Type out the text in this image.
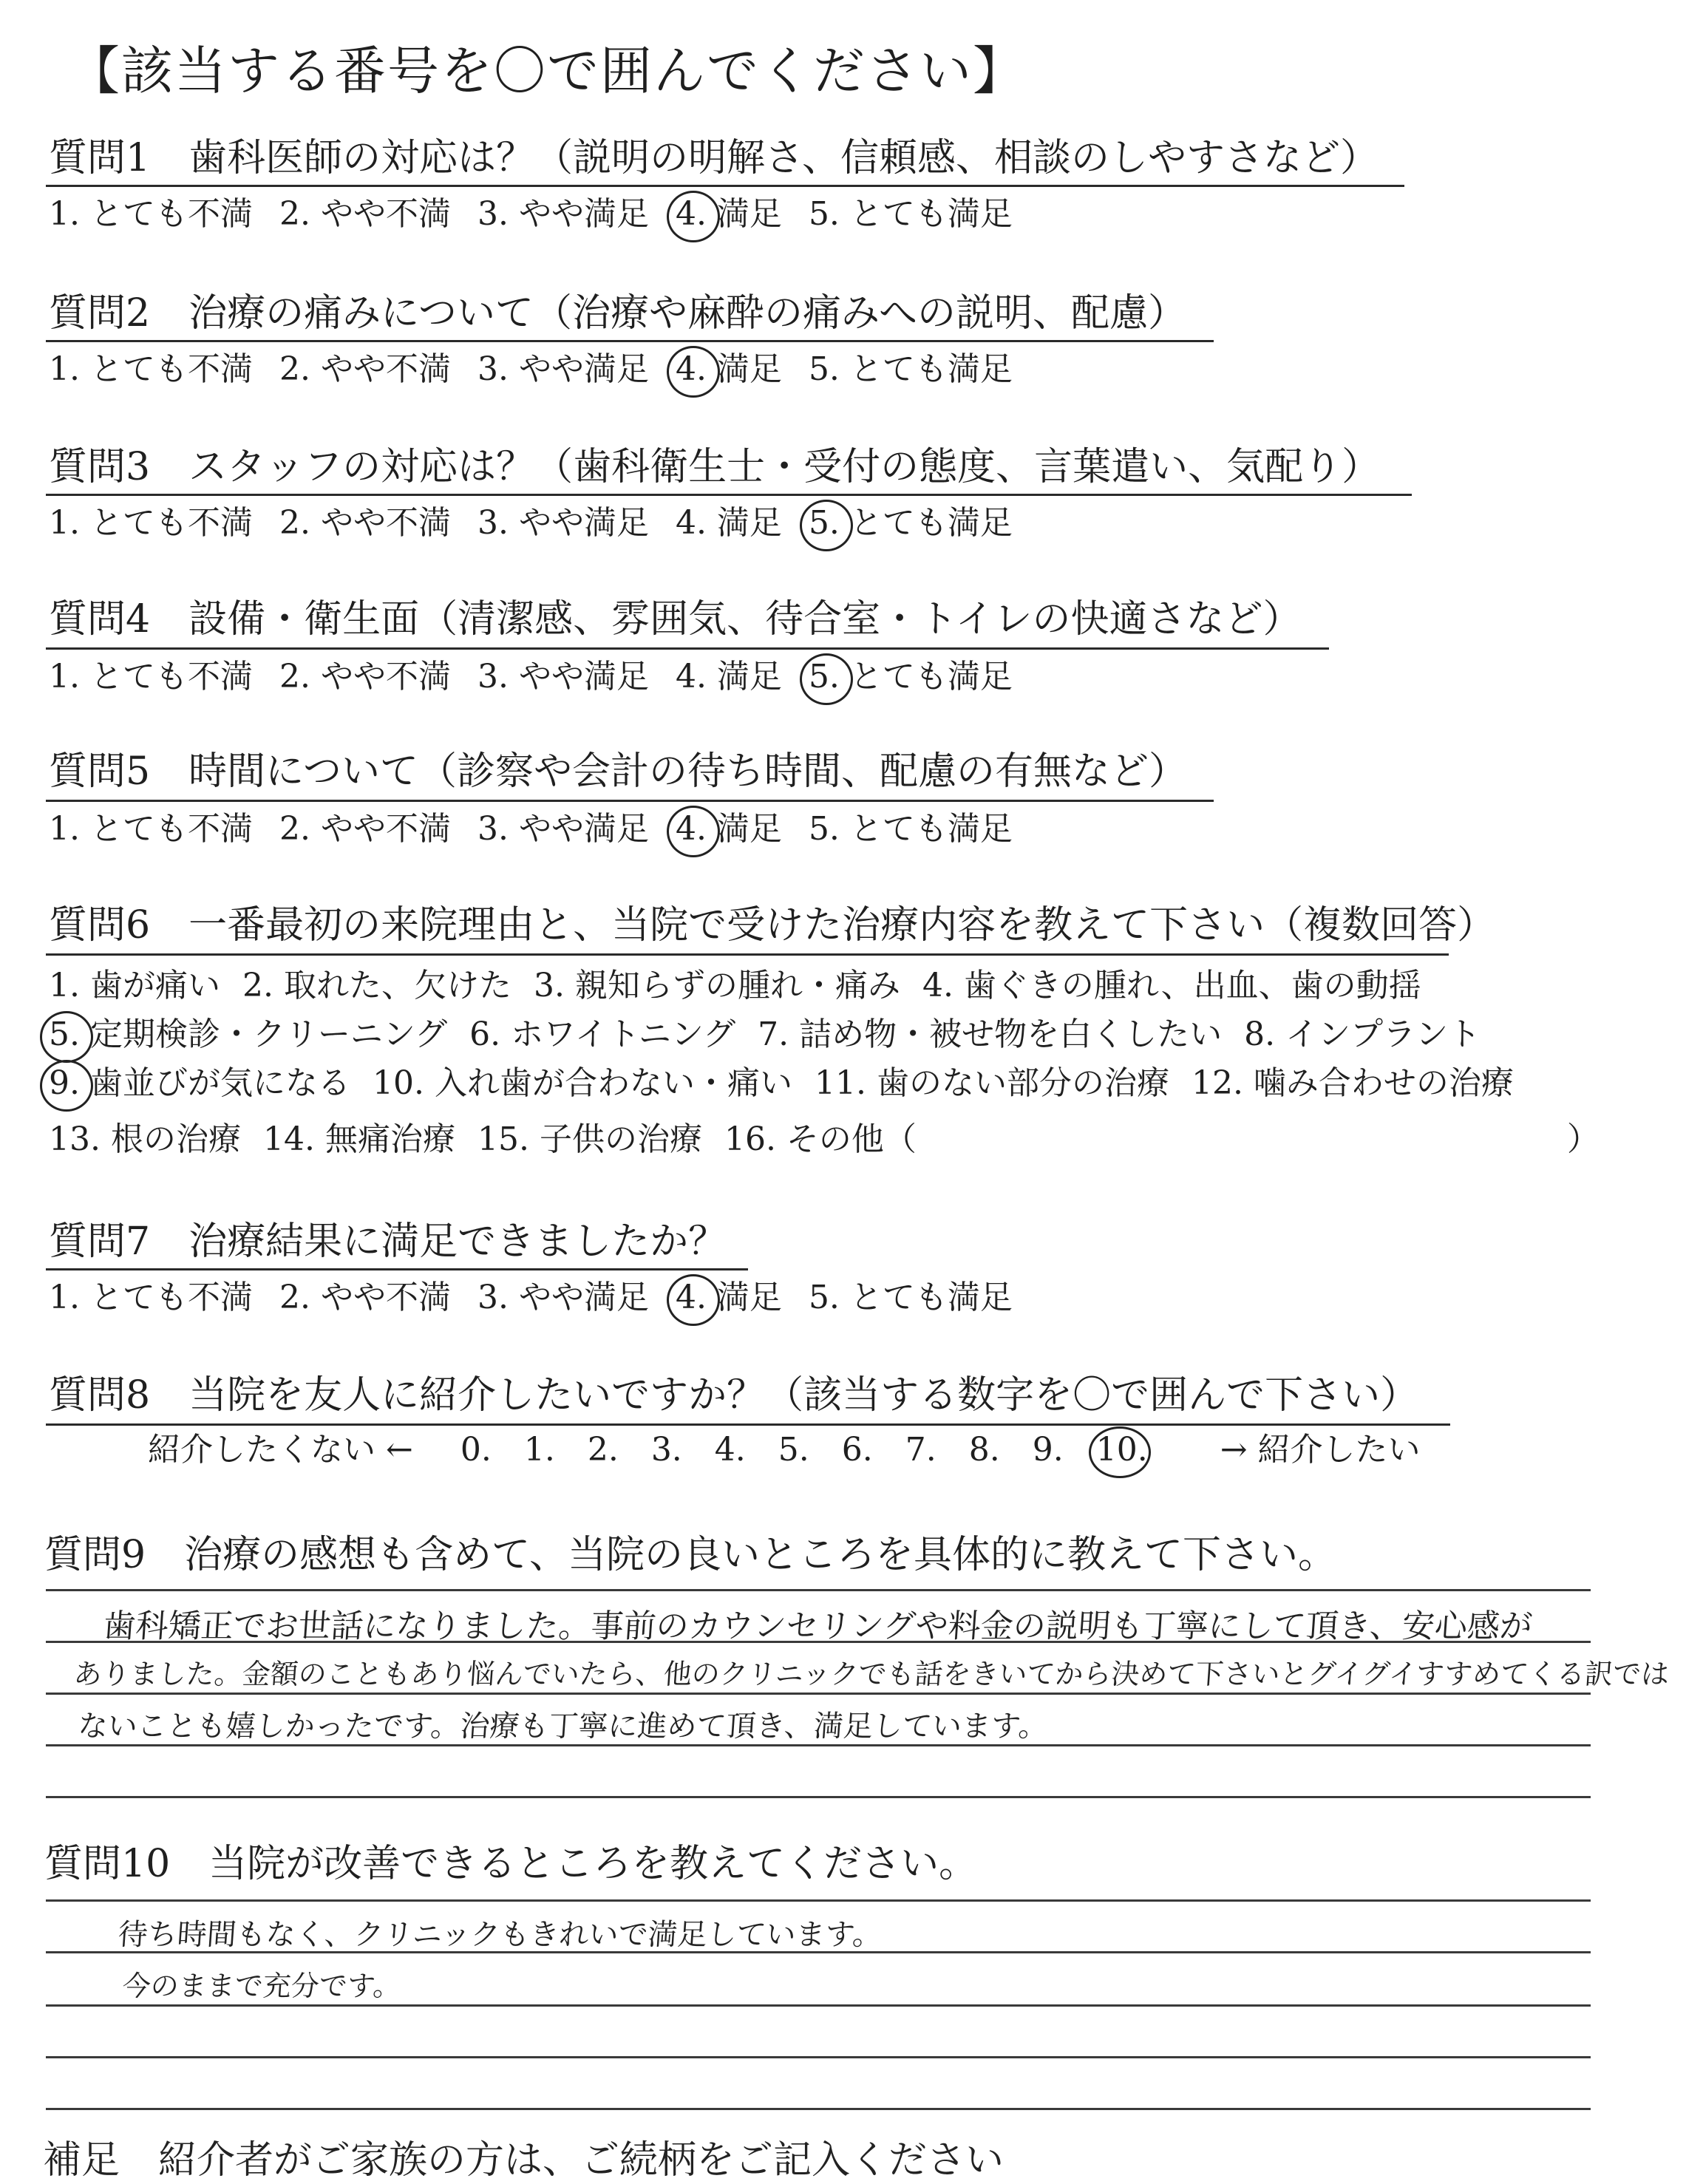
【該当する番号を〇で囲んでください】
質問1　歯科医師の対応は？（説明の明解さ、信頼感、相談のしやすさなど）
1. とても不満 2. やや不満 3. やや満足 4. 満足 5. とても満足
質問2　治療の痛みについて（治療や麻酔の痛みへの説明、配慮）
1. とても不満 2. やや不満 3. やや満足 4. 満足 5. とても満足
質問3　スタッフの対応は？（歯科衛生士・受付の態度、言葉遣い、気配り）
1. とても不満 2. やや不満 3. やや満足 4. 満足 5. とても満足
質問4　設備・衛生面（清潔感、雰囲気、待合室・トイレの快適さなど）
1. とても不満 2. やや不満 3. やや満足 4. 満足 5. とても満足
質問5　時間について（診察や会計の待ち時間、配慮の有無など）
1. とても不満 2. やや不満 3. やや満足 4. 満足 5. とても満足
質問6　一番最初の来院理由と、当院で受けた治療内容を教えて下さい（複数回答）
1. 歯が痛い 2. 取れた、欠けた 3. 親知らずの腫れ・痛み 4. 歯ぐきの腫れ、出血、歯の動揺
5. 定期検診・クリーニング 6. ホワイトニング 7. 詰め物・被せ物を白くしたい 8. インプラント
9. 歯並びが気になる 10. 入れ歯が合わない・痛い 11. 歯のない部分の治療 12. 噛み合わせの治療
13. 根の治療 14. 無痛治療 15. 子供の治療 16. その他（　　　　　　　　　　　　　　　　　　　　）
質問7　治療結果に満足できましたか？
1. とても不満 2. やや不満 3. やや満足 4. 満足 5. とても満足
質問8　当院を友人に紹介したいですか？（該当する数字を〇で囲んで下さい）
紹介したくない ← 0. 1. 2. 3. 4. 5. 6. 7. 8. 9. 10. → 紹介したい
質問9　治療の感想も含めて、当院の良いところを具体的に教えて下さい。
歯科矯正でお世話になりました。事前のカウンセリングや料金の説明も丁寧にして頂き、安心感が
ありました。金額のこともあり悩んでいたら、他のクリニックでも話をきいてから決めて下さいとグイグイすすめてくる訳では
ないことも嬉しかったです。治療も丁寧に進めて頂き、満足しています。
質問10　当院が改善できるところを教えてください。
待ち時間もなく、クリニックもきれいで満足しています。
今のままで充分です。
補足　紹介者がご家族の方は、ご続柄をご記入ください
